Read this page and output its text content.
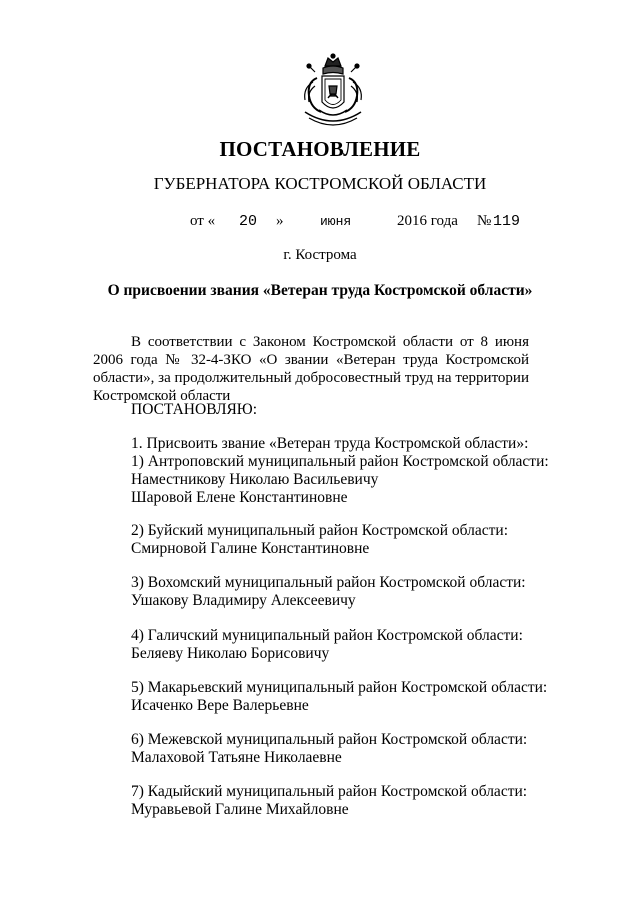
ПОСТАНОВЛЕНИЕ
ГУБЕРНАТОРА КОСТРОМСКОЙ ОБЛАСТИ
от « 20 »	июня	2016 года № 119
г. Кострома
О присвоении звания «Ветеран труда Костромской области»

В соответствии с Законом Костромской области от 8 июня 2006 года № 32-4-ЗКО «О звании «Ветеран труда Костромской области», за продолжительный добросовестный труд на территории Костромской области

ПОСТАНОВЛЯЮ:
1. Присвоить звание «Ветеран труда Костромской области»:
1) Антроповский муниципальный район Костромской области:
Наместникову Николаю Васильевичу
Шаровой Елене Константиновне
2) Буйский муниципальный район Костромской области:
Смирновой Галине Константиновне
3) Вохомский муниципальный район Костромской области:
Ушакову Владимиру Алексеевичу
4) Галичский муниципальный район Костромской области:
Беляеву Николаю Борисовичу
5) Макарьевский муниципальный район Костромской области:
Исаченко Вере Валерьевне
6) Межевской муниципальный район Костромской области:
Малаховой Татьяне Николаевне
7) Кадыйский муниципальный район Костромской области:
Муравьевой Галине Михайловне
